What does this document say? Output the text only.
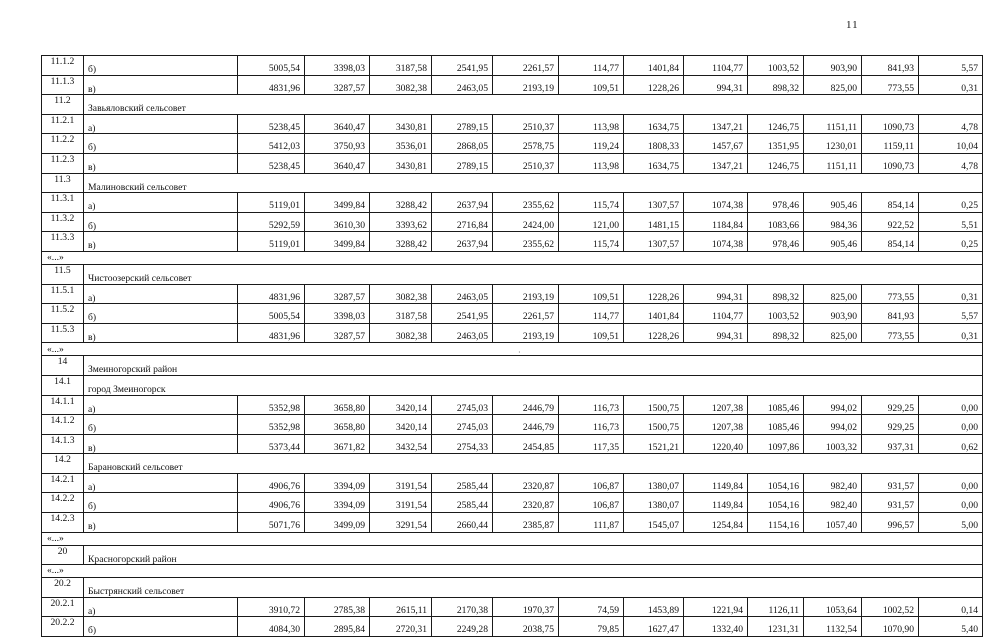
11
11.1.2	б)	5005,54	3398,03	3187,58	2541,95	2261,57	114,77	1401,84	1104,77	1003,52	903,90	841,93	5,57
11.1.3	в)	4831,96	3287,57	3082,38	2463,05	2193,19	109,51	1228,26	994,31	898,32	825,00	773,55	0,31
11.2	Завьяловский сельсовет												
11.2.1	а)	5238,45	3640,47	3430,81	2789,15	2510,37	113,98	1634,75	1347,21	1246,75	1151,11	1090,73	4,78
11.2.2	б)	5412,03	3750,93	3536,01	2868,05	2578,75	119,24	1808,33	1457,67	1351,95	1230,01	1159,11	10,04
11.2.3	в)	5238,45	3640,47	3430,81	2789,15	2510,37	113,98	1634,75	1347,21	1246,75	1151,11	1090,73	4,78
11.3	Малиновский сельсовет												
11.3.1	а)	5119,01	3499,84	3288,42	2637,94	2355,62	115,74	1307,57	1074,38	978,46	905,46	854,14	0,25
11.3.2	б)	5292,59	3610,30	3393,62	2716,84	2424,00	121,00	1481,15	1184,84	1083,66	984,36	922,52	5,51
11.3.3	в)	5119,01	3499,84	3288,42	2637,94	2355,62	115,74	1307,57	1074,38	978,46	905,46	854,14	0,25
«...»													
11.5	Чистоозерский сельсовет												
11.5.1	а)	4831,96	3287,57	3082,38	2463,05	2193,19	109,51	1228,26	994,31	898,32	825,00	773,55	0,31
11.5.2	б)	5005,54	3398,03	3187,58	2541,95	2261,57	114,77	1401,84	1104,77	1003,52	903,90	841,93	5,57
11.5.3	в)	4831,96	3287,57	3082,38	2463,05	2193,19	109,51	1228,26	994,31	898,32	825,00	773,55	0,31
«...»													
14	Змеиногорский район												
14.1	город Змеиногорск												
14.1.1	а)	5352,98	3658,80	3420,14	2745,03	2446,79	116,73	1500,75	1207,38	1085,46	994,02	929,25	0,00
14.1.2	б)	5352,98	3658,80	3420,14	2745,03	2446,79	116,73	1500,75	1207,38	1085,46	994,02	929,25	0,00
14.1.3	в)	5373,44	3671,82	3432,54	2754,33	2454,85	117,35	1521,21	1220,40	1097,86	1003,32	937,31	0,62
14.2	Барановский сельсовет												
14.2.1	а)	4906,76	3394,09	3191,54	2585,44	2320,87	106,87	1380,07	1149,84	1054,16	982,40	931,57	0,00
14.2.2	б)	4906,76	3394,09	3191,54	2585,44	2320,87	106,87	1380,07	1149,84	1054,16	982,40	931,57	0,00
14.2.3	в)	5071,76	3499,09	3291,54	2660,44	2385,87	111,87	1545,07	1254,84	1154,16	1057,40	996,57	5,00
«...»													
20	Красногорский район												
«...»													
20.2	Быстрянский сельсовет												
20.2.1	а)	3910,72	2785,38	2615,11	2170,38	1970,37	74,59	1453,89	1221,94	1126,11	1053,64	1002,52	0,14
20.2.2	б)	4084,30	2895,84	2720,31	2249,28	2038,75	79,85	1627,47	1332,40	1231,31	1132,54	1070,90	5,40
·
